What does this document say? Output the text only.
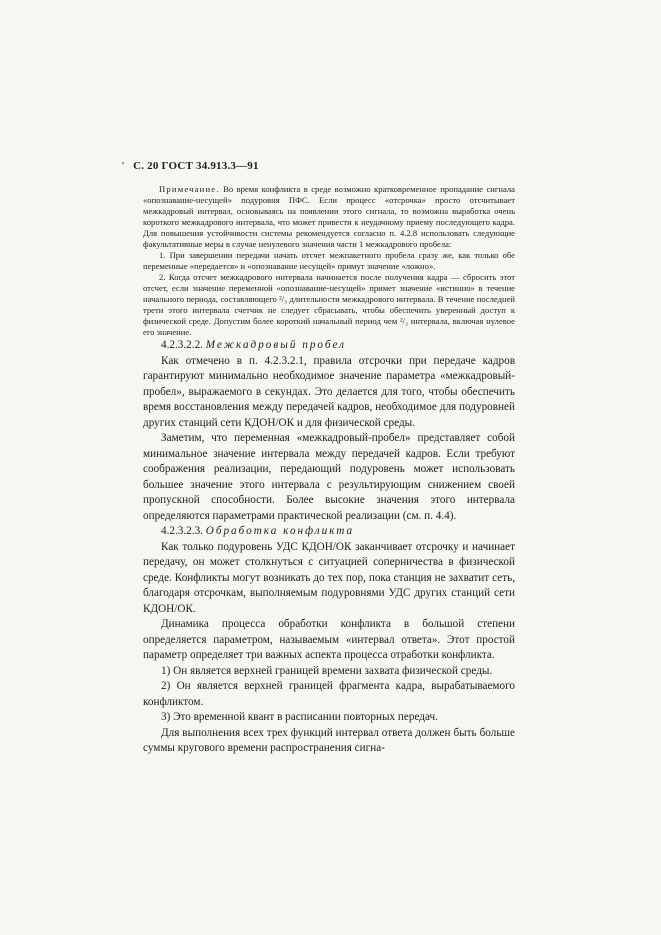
' С. 20 ГОСТ 34.913.3—91

Примечание. Во время конфликта в среде возможно кратковременное пропадание сигнала «опознавание-несущей» подуровня ПФС. Если процесс «отсрочка» просто отсчитывает межкадровый интервал, основываясь на появлении этого сигнала, то возможна выработка очень короткого межкадрового интервала, что может привести к неудачному приему последующего кадра. Для повышения устойчивости системы рекомендуется согласно п. 4.2.8 использовать следующие факультативные меры в случае ненулевого значения части 1 межкадрового пробела:

1. При завершении передачи начать отсчет межпакетного пробела сразу же, как только обе переменные «передается» и «опознавание несущей» примут значение «ложно».

2. Когда отсчет межкадрового интервала начинается после получения кадра — сбросить этот отсчет, если значение переменной «опознавание-несущей» примет значение «истинно» в течение начального периода, составляющего ²/₃ длительности межкадрового интервала. В течение последней трети этого интервала счетчик не следует сбрасывать, чтобы обеспечить уверенный доступ к физической среде. Допустим более короткий начальный период чем ²/₃ интервала, включая нулевое его значение.

4.2.3.2.2. Межкадровый пробел

Как отмечено в п. 4.2.3.2.1, правила отсрочки при передаче кадров гарантируют минимально необходимое значение параметра «межкадровый-пробел», выражаемого в секундах. Это делается для того, чтобы обеспечить время восстановления между передачей кадров, необходимое для подуровней других станций сети КДОН/ОК и для физической среды.

Заметим, что переменная «межкадровый-пробел» представляет собой минимальное значение интервала между передачей кадров. Если требуют соображения реализации, передающий подуровень может использовать большее значение этого интервала с результирующим снижением своей пропускной способности. Более высокие значения этого интервала определяются параметрами практической реализации (см. п. 4.4).

4.2.3.2.3. Обработка конфликта

Как только подуровень УДС КДОН/ОК заканчивает отсрочку и начинает передачу, он может столкнуться с ситуацией соперничества в физической среде. Конфликты могут возникать до тех пор, пока станция не захватит сеть, благодаря отсрочкам, выполняемым подуровнями УДС других станций сети КДОН/ОК.

Динамика процесса обработки конфликта в большой степени определяется параметром, называемым «интервал ответа». Этот простой параметр определяет три важных аспекта процесса отработки конфликта.

1) Он является верхней границей времени захвата физической среды.

2) Он является верхней границей фрагмента кадра, вырабатываемого конфликтом.

3) Это временной квант в расписании повторных передач.

Для выполнения всех трех функций интервал ответа должен быть больше суммы кругового времени распространения сигна-
